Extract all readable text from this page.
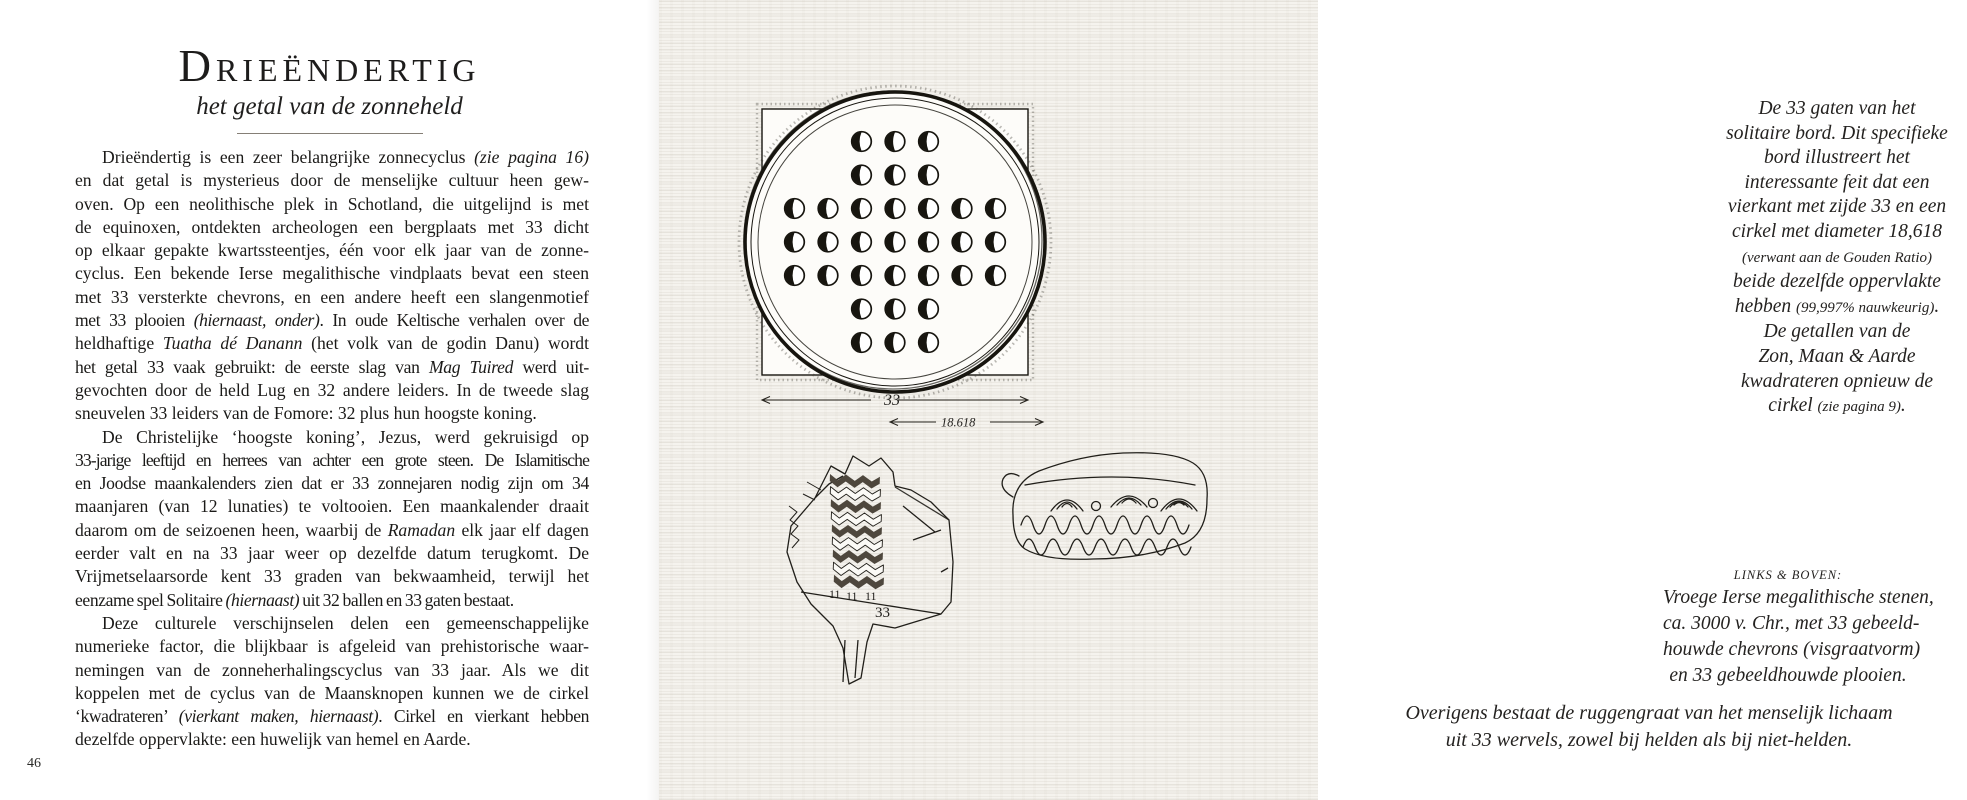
Drieëndertig
het getal van de zonneheld
Drieëndertig is een zeer belangrijke zonnecyclus (zie pagina 16)
en dat getal is mysterieus door de menselijke cultuur heen gew-
oven. Op een neolithische plek in Schotland, die uitgelijnd is met
de equinoxen, ontdekten archeologen een bergplaats met 33 dicht
op elkaar gepakte kwartssteentjes, één voor elk jaar van de zonne-
cyclus. Een bekende Ierse megalithische vindplaats bevat een steen
met 33 versterkte chevrons, en een andere heeft een slangenmotief
met 33 plooien (hiernaast, onder). In oude Keltische verhalen over de
heldhaftige Tuatha dé Danann (het volk van de godin Danu) wordt
het getal 33 vaak gebruikt: de eerste slag van Mag Tuired werd uit-
gevochten door de held Lug en 32 andere leiders. In de tweede slag
sneuvelen 33 leiders van de Fomore: 32 plus hun hoogste koning.
De Christelijke ‘hoogste koning’, Jezus, werd gekruisigd op
33-jarige leeftijd en herrees van achter een grote steen. De Islamitische
en Joodse maankalenders zien dat er 33 zonnejaren nodig zijn om 34
maanjaren (van 12 lunaties) te voltooien. Een maankalender draait
daarom om de seizoenen heen, waarbij de Ramadan elk jaar elf dagen
eerder valt en na 33 jaar weer op dezelfde datum terugkomt. De
Vrijmetselaarsorde kent 33 graden van bekwaamheid, terwijl het
eenzame spel Solitaire (hiernaast) uit 32 ballen en 33 gaten bestaat.
Deze culturele verschijnselen delen een gemeenschappelijke
numerieke factor, die blijkbaar is afgeleid van prehistorische waar-
nemingen van de zonneherhalingscyclus van 33 jaar. Als we dit
koppelen met de cyclus van de Maansknopen kunnen we de cirkel
‘kwadrateren’ (vierkant maken, hiernaast). Cirkel en vierkant hebben
dezelfde oppervlakte: een huwelijk van hemel en Aarde.
46
33
18.618
11 11 11
33
De 33 gaten van het
solitaire bord. Dit specifieke
bord illustreert het
interessante feit dat een
vierkant met zijde 33 en een
cirkel met diameter 18,618
(verwant aan de Gouden Ratio)
beide dezelfde oppervlakte
hebben (99,997% nauwkeurig).
De getallen van de
Zon, Maan & Aarde
kwadrateren opnieuw de
cirkel (zie pagina 9).
LINKS & BOVEN:
Vroege Ierse megalithische stenen,
ca. 3000 v. Chr., met 33 gebeeld-
houwde chevrons (visgraatvorm)
en 33 gebeeldhouwde plooien.
Overigens bestaat de ruggengraat van het menselijk lichaam
uit 33 wervels, zowel bij helden als bij niet-helden.
